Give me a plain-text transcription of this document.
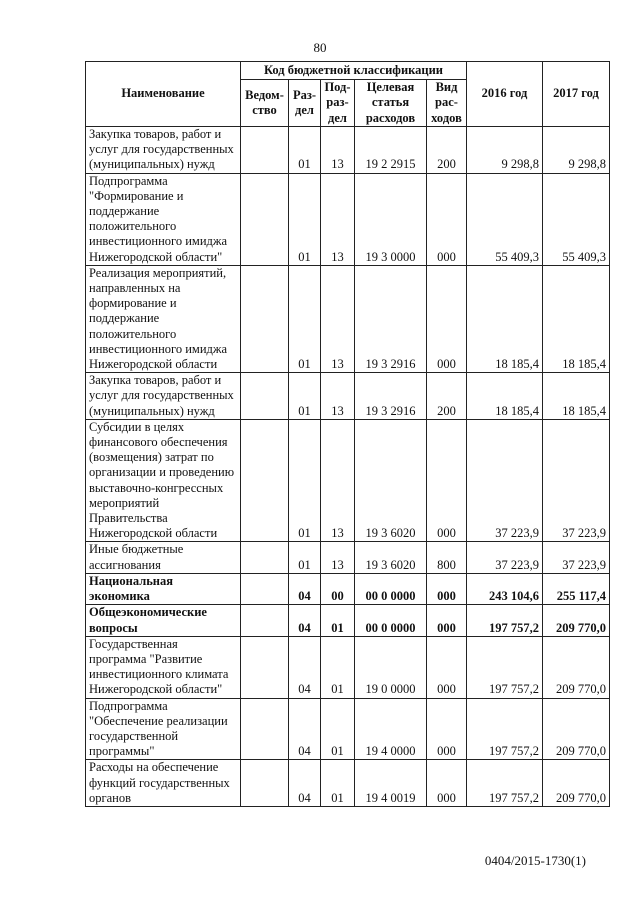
80
Наименование	Код бюджетной классификации					2016 год	2017 год
	Ведом-ство	Раз-дел	Под-раз-дел	Целевая статья расходов	Вид рас-ходов		
Закупка товаров, работ и услуг для государственных (муниципальных) нужд		01	13	19 2 2915	200	9 298,8	9 298,8
Подпрограмма "Формирование и поддержание положительного инвестиционного имиджа Нижегородской области"		01	13	19 3 0000	000	55 409,3	55 409,3
Реализация мероприятий, направленных на формирование и поддержание положительного инвестиционного имиджа Нижегородской области		01	13	19 3 2916	000	18 185,4	18 185,4
Закупка товаров, работ и услуг для государственных (муниципальных) нужд		01	13	19 3 2916	200	18 185,4	18 185,4
Субсидии в целях финансового обеспечения (возмещения) затрат по организации и проведению выставочно-конгрессных мероприятий Правительства Нижегородской области		01	13	19 3 6020	000	37 223,9	37 223,9
Иные бюджетные ассигнования		01	13	19 3 6020	800	37 223,9	37 223,9
Национальная экономика		04	00	00 0 0000	000	243 104,6	255 117,4
Общеэкономические вопросы		04	01	00 0 0000	000	197 757,2	209 770,0
Государственная программа "Развитие инвестиционного климата Нижегородской области"		04	01	19 0 0000	000	197 757,2	209 770,0
Подпрограмма "Обеспечение реализации государственной программы"		04	01	19 4 0000	000	197 757,2	209 770,0
Расходы на обеспечение функций государственных органов		04	01	19 4 0019	000	197 757,2	209 770,0
0404/2015-1730(1)
